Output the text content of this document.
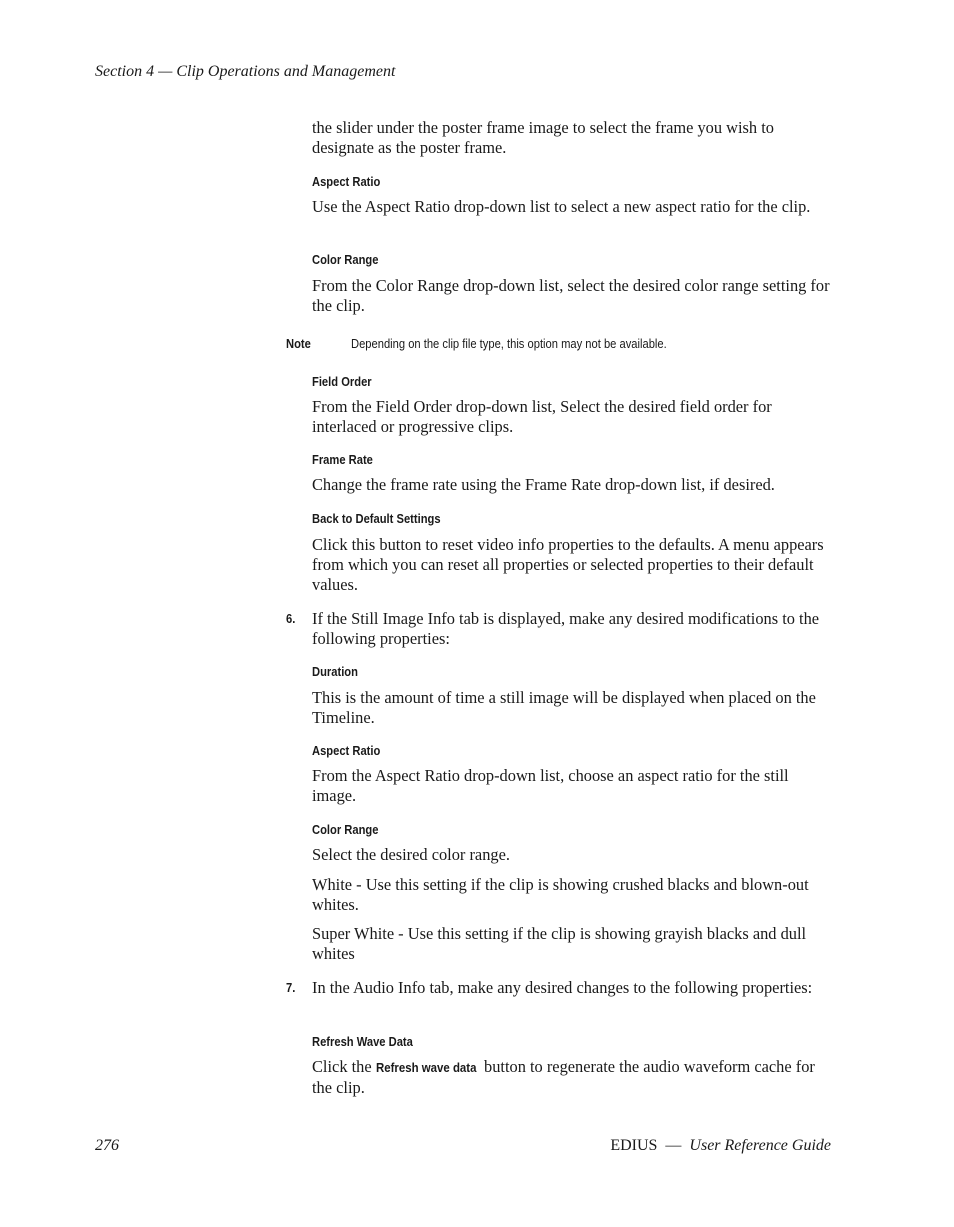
Section 4 — Clip Operations and Management

the slider under the poster frame image to select the frame you wish to designate as the poster frame.

Aspect Ratio

Use the Aspect Ratio drop-down list to select a new aspect ratio for the clip.

Color Range

From the Color Range drop-down list, select the desired color range setting for the clip.

Note	Depending on the clip file type, this option may not be available.
Field Order

From the Field Order drop-down list, Select the desired field order for interlaced or progressive clips.

Frame Rate

Change the frame rate using the Frame Rate drop-down list, if desired.

Back to Default Settings

Click this button to reset video info properties to the defaults. A menu appears from which you can reset all properties or selected properties to their default values.

6. If the Still Image Info tab is displayed, make any desired modifications to the following properties:

Duration

This is the amount of time a still image will be displayed when placed on the Timeline.

Aspect Ratio

From the Aspect Ratio drop-down list, choose an aspect ratio for the still image.

Color Range

Select the desired color range.

White - Use this setting if the clip is showing crushed blacks and blown-out whites.

Super White - Use this setting if the clip is showing grayish blacks and dull whites

7. In the Audio Info tab, make any desired changes to the following properties:

Refresh Wave Data

Click the Refresh wave data button to regenerate the audio waveform cache for the clip.

276	EDIUS — User Reference Guide
